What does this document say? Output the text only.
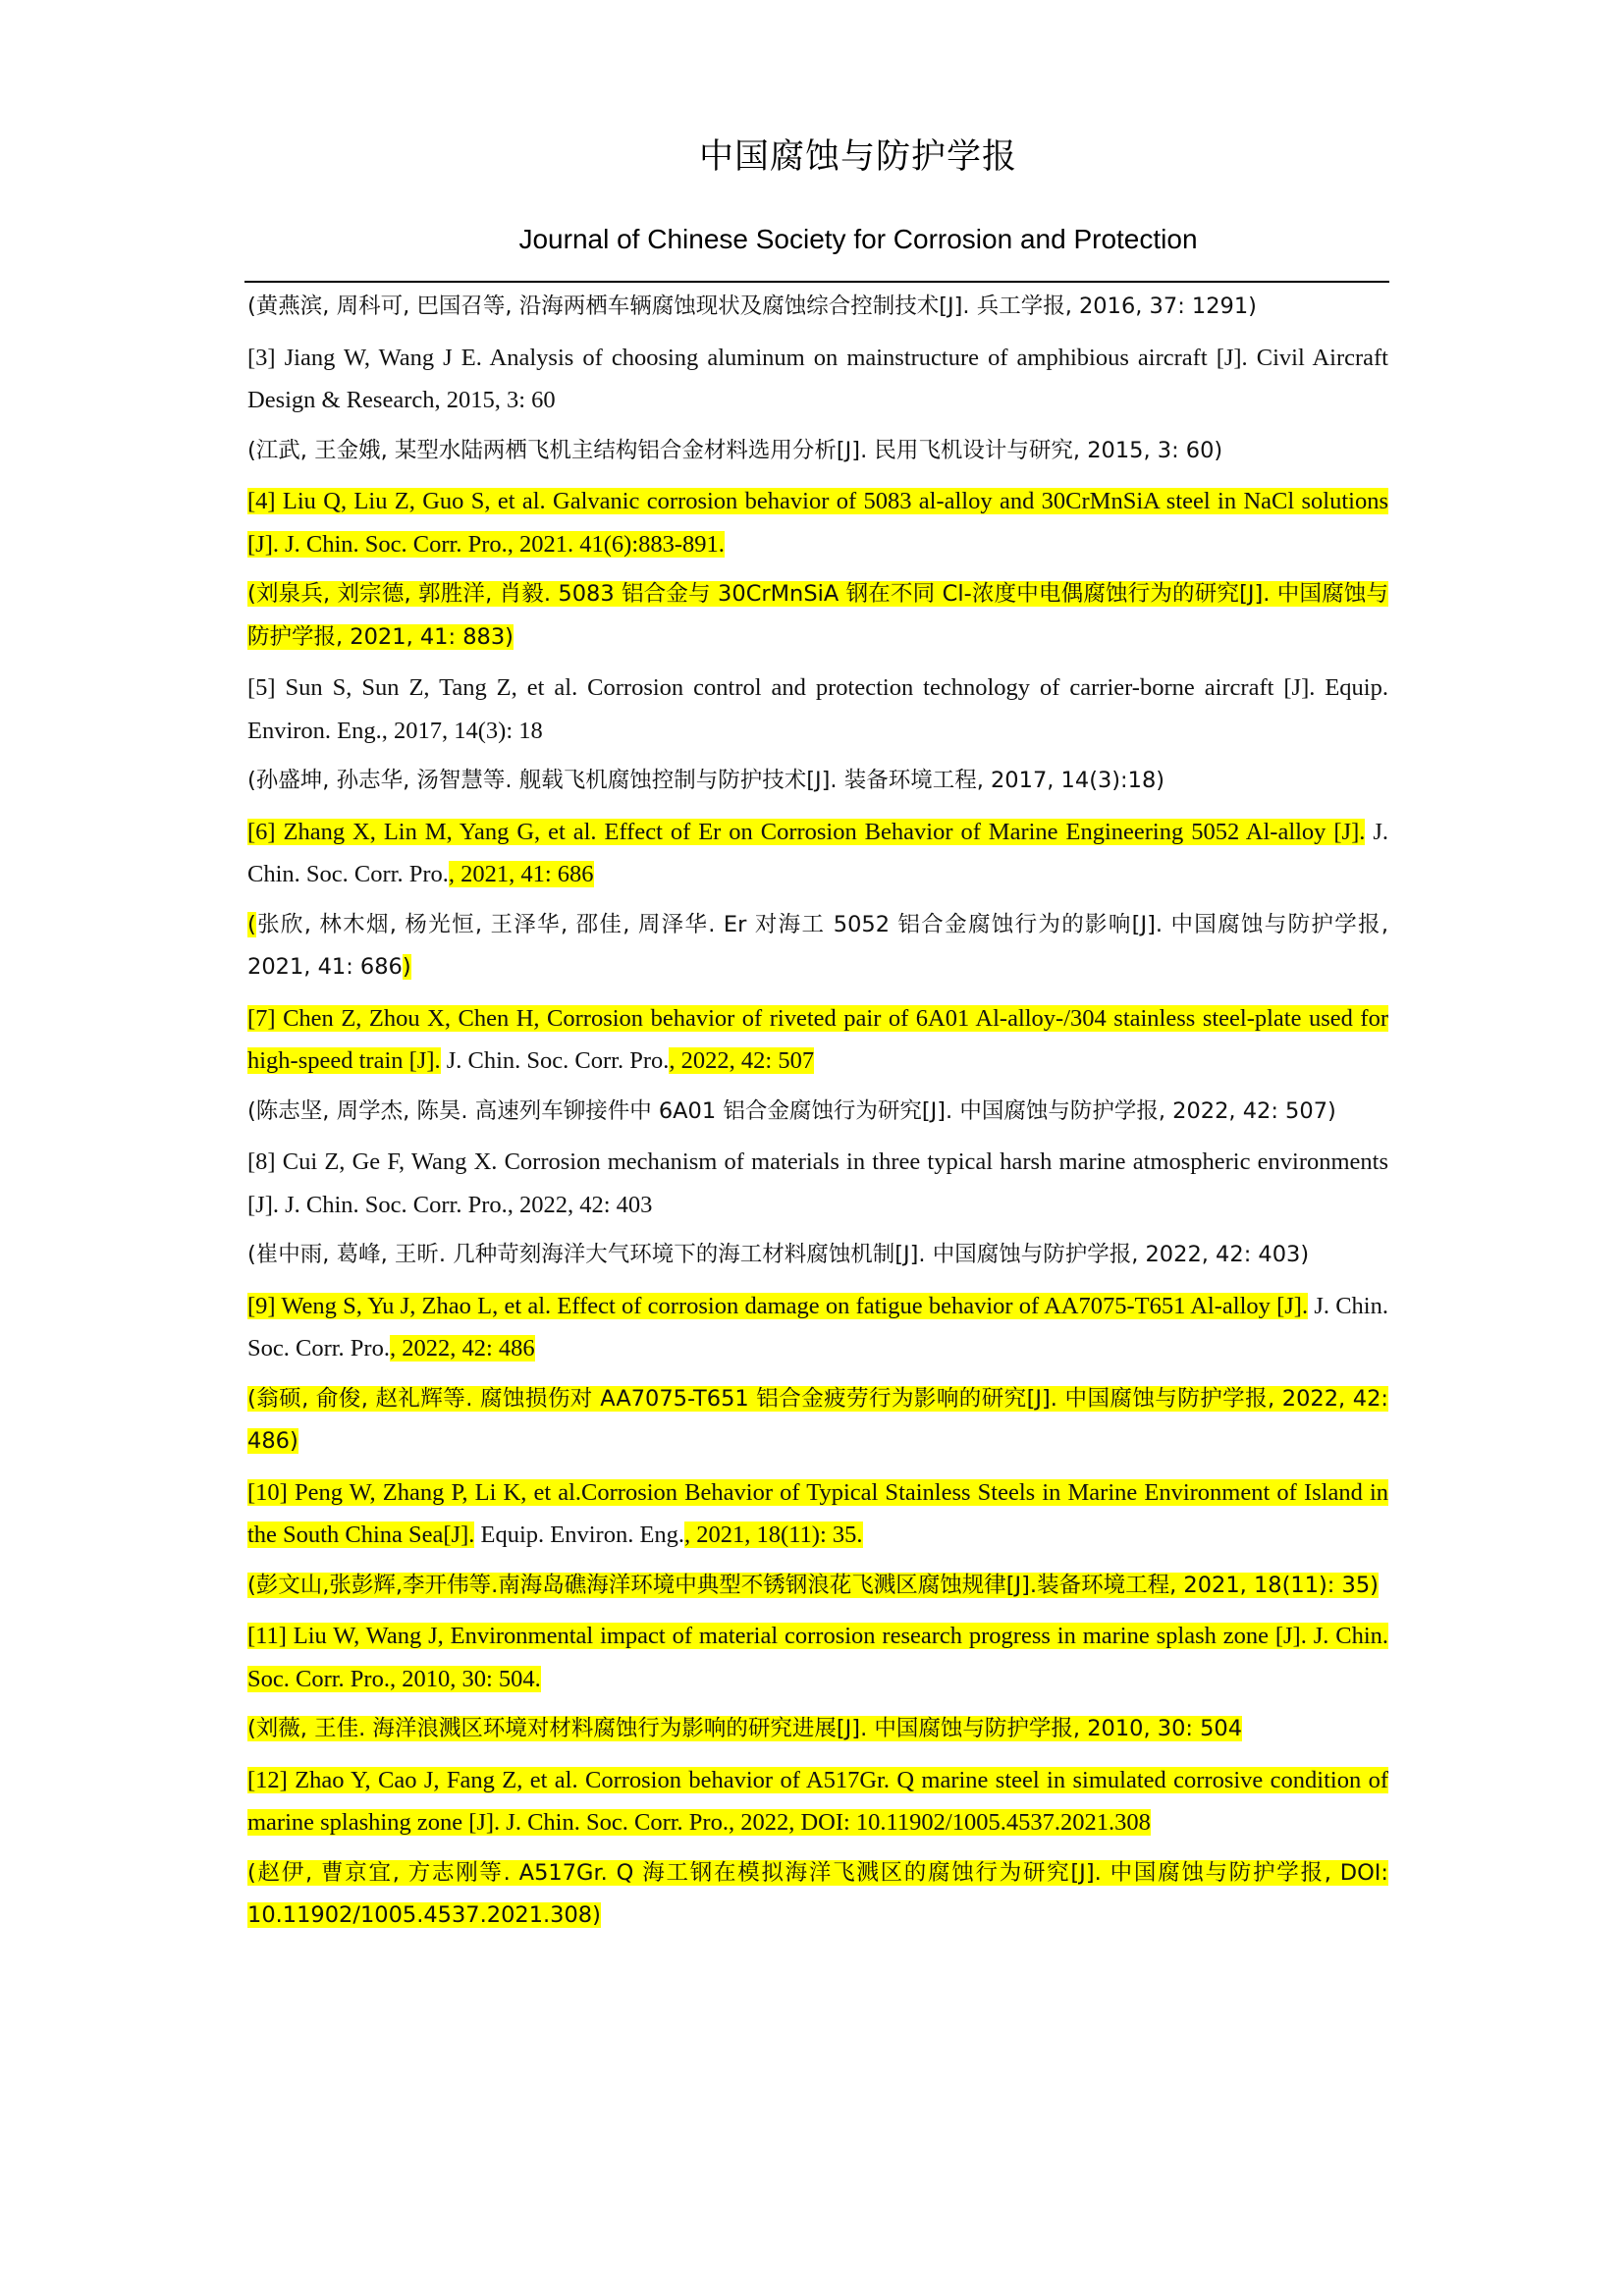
中国腐蚀与防护学报
Journal of Chinese Society for Corrosion and Protection

(黄燕滨, 周科可, 巴国召等, 沿海两栖车辆腐蚀现状及腐蚀综合控制技术[J]. 兵工学报, 2016, 37: 1291)

[3] Jiang W, Wang J E. Analysis of choosing aluminum on mainstructure of amphibious aircraft [J]. Civil Aircraft Design & Research, 2015, 3: 60

(江武, 王金娥, 某型水陆两栖飞机主结构铝合金材料选用分析[J]. 民用飞机设计与研究, 2015, 3: 60)

[4] Liu Q, Liu Z, Guo S, et al. Galvanic corrosion behavior of 5083 al-alloy and 30CrMnSiA steel in NaCl solutions [J]. J. Chin. Soc. Corr. Pro., 2021. 41(6):883-891.

(刘泉兵, 刘宗德, 郭胜洋, 肖毅. 5083 铝合金与 30CrMnSiA 钢在不同 Cl-浓度中电偶腐蚀行为的研究[J]. 中国腐蚀与防护学报, 2021, 41: 883)

[5] Sun S, Sun Z, Tang Z, et al. Corrosion control and protection technology of carrier-borne aircraft [J]. Equip. Environ. Eng., 2017, 14(3): 18

(孙盛坤, 孙志华, 汤智慧等. 舰载飞机腐蚀控制与防护技术[J]. 装备环境工程, 2017, 14(3):18)

[6] Zhang X, Lin M, Yang G, et al. Effect of Er on Corrosion Behavior of Marine Engineering 5052 Al-alloy [J]. J. Chin. Soc. Corr. Pro., 2021, 41: 686

(张欣, 林木烟, 杨光恒, 王泽华, 邵佳, 周泽华. Er 对海工 5052 铝合金腐蚀行为的影响[J]. 中国腐蚀与防护学报, 2021, 41: 686)

[7] Chen Z, Zhou X, Chen H, Corrosion behavior of riveted pair of 6A01 Al-alloy-/304 stainless steel-plate used for high-speed train [J]. J. Chin. Soc. Corr. Pro., 2022, 42: 507

(陈志坚, 周学杰, 陈昊. 高速列车铆接件中 6A01 铝合金腐蚀行为研究[J]. 中国腐蚀与防护学报, 2022, 42: 507)

[8] Cui Z, Ge F, Wang X. Corrosion mechanism of materials in three typical harsh marine atmospheric environments [J]. J. Chin. Soc. Corr. Pro., 2022, 42: 403

(崔中雨, 葛峰, 王昕. 几种苛刻海洋大气环境下的海工材料腐蚀机制[J]. 中国腐蚀与防护学报, 2022, 42: 403)

[9] Weng S, Yu J, Zhao L, et al. Effect of corrosion damage on fatigue behavior of AA7075-T651 Al-alloy [J]. J. Chin. Soc. Corr. Pro., 2022, 42: 486

(翁硕, 俞俊, 赵礼辉等. 腐蚀损伤对 AA7075-T651 铝合金疲劳行为影响的研究[J]. 中国腐蚀与防护学报, 2022, 42: 486)

[10] Peng W, Zhang P, Li K, et al.Corrosion Behavior of Typical Stainless Steels in Marine Environment of Island in the South China Sea[J]. Equip. Environ. Eng., 2021, 18(11): 35.

(彭文山,张彭辉,李开伟等.南海岛礁海洋环境中典型不锈钢浪花飞溅区腐蚀规律[J].装备环境工程, 2021, 18(11): 35)

[11] Liu W, Wang J, Environmental impact of material corrosion research progress in marine splash zone [J]. J. Chin. Soc. Corr. Pro., 2010, 30: 504.

(刘薇, 王佳. 海洋浪溅区环境对材料腐蚀行为影响的研究进展[J]. 中国腐蚀与防护学报, 2010, 30: 504

[12] Zhao Y, Cao J, Fang Z, et al. Corrosion behavior of A517Gr. Q marine steel in simulated corrosive condition of marine splashing zone [J]. J. Chin. Soc. Corr. Pro., 2022, DOI: 10.11902/1005.4537.2021.308

(赵伊, 曹京宜, 方志刚等. A517Gr. Q 海工钢在模拟海洋飞溅区的腐蚀行为研究[J]. 中国腐蚀与防护学报, DOI: 10.11902/1005.4537.2021.308)
